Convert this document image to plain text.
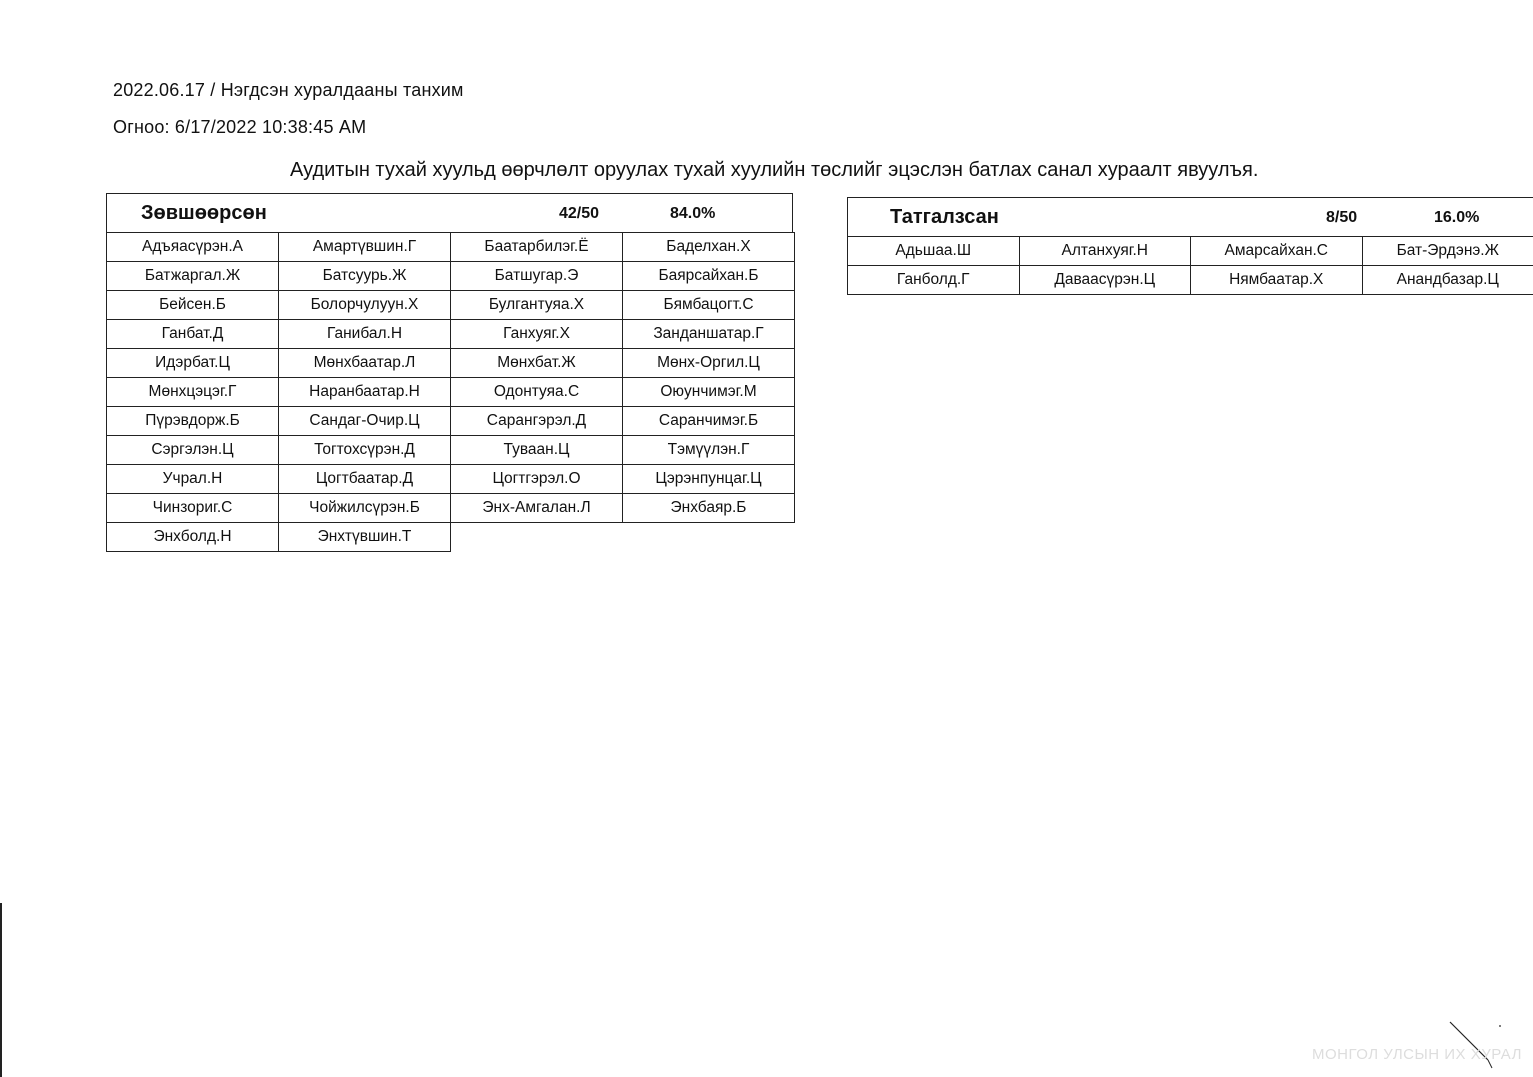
2022.06.17 / Нэгдсэн хуралдааны танхим
Огноо: 6/17/2022 10:38:45 AM
Аудитын тухай хуульд өөрчлөлт оруулах тухай хуулийн төслийг эцэслэн батлах санал хураалт явуулъя.
Зөвшөөрсөн	42/50	84.0%
Адъяасүрэн.А	Амартүвшин.Г	Баатарбилэг.Ё	Баделхан.Х
Батжаргал.Ж	Батсуурь.Ж	Батшугар.Э	Баярсайхан.Б
Бейсен.Б	Болорчулуун.Х	Булгантуяа.Х	Бямбацогт.С
Ганбат.Д	Ганибал.Н	Ганхуяг.Х	Занданшатар.Г
Идэрбат.Ц	Мөнхбаатар.Л	Мөнхбат.Ж	Мөнх-Оргил.Ц
Мөнхцэцэг.Г	Наранбаатар.Н	Одонтуяа.С	Оюунчимэг.М
Пүрэвдорж.Б	Сандаг-Очир.Ц	Сарангэрэл.Д	Саранчимэг.Б
Сэргэлэн.Ц	Тогтохсүрэн.Д	Туваан.Ц	Тэмүүлэн.Г
Учрал.Н	Цогтбаатар.Д	Цогтгэрэл.О	Цэрэнпунцаг.Ц
Чинзориг.С	Чойжилсүрэн.Б	Энх-Амгалан.Л	Энхбаяр.Б
Энхболд.Н	Энхтүвшин.Т		
Татгалзсан	8/50	16.0%
Адьшаа.Ш	Алтанхуяг.Н	Амарсайхан.С	Бат-Эрдэнэ.Ж
Ганболд.Г	Даваасүрэн.Ц	Нямбаатар.Х	Анандбазар.Ц
МОНГОЛ УЛСЫН ИХ ХУРАЛ
